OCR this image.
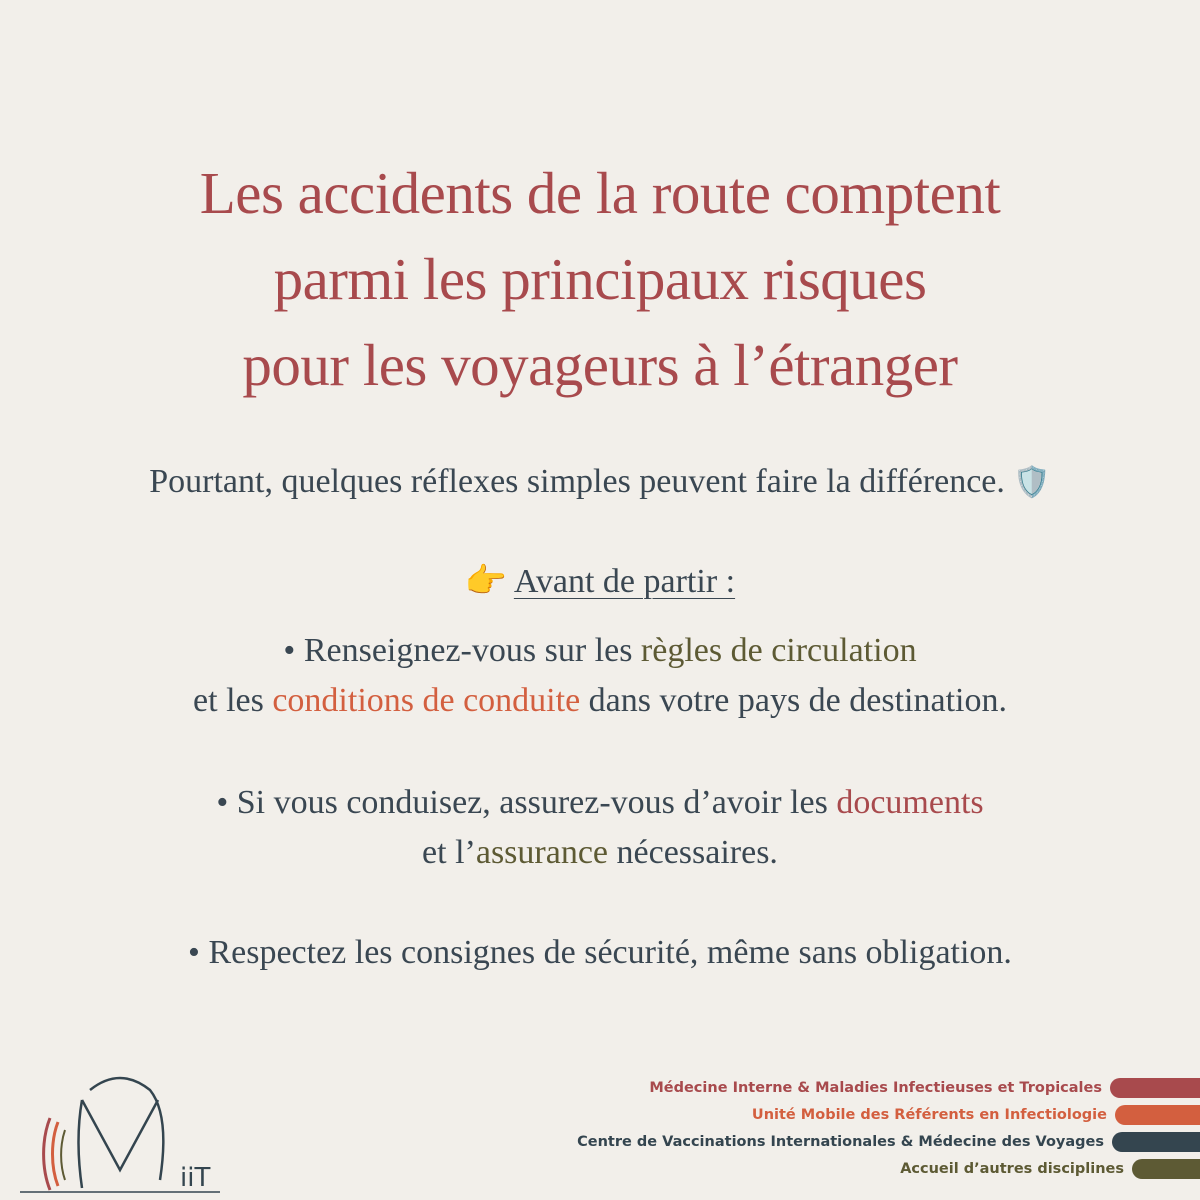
Les accidents de la route comptent
parmi les principaux risques
pour les voyageurs à l’étranger
Pourtant, quelques réflexes simples peuvent faire la différence. 🛡️
👉 Avant de partir :
• Renseignez-vous sur les règles de circulation
et les conditions de conduite dans votre pays de destination.
• Si vous conduisez, assurez-vous d’avoir les documents
et l’assurance nécessaires.
• Respectez les consignes de sécurité, même sans obligation.
iiT
Médecine Interne & Maladies Infectieuses et Tropicales
Unité Mobile des Référents en Infectiologie
Centre de Vaccinations Internationales & Médecine des Voyages
Accueil d’autres disciplines
